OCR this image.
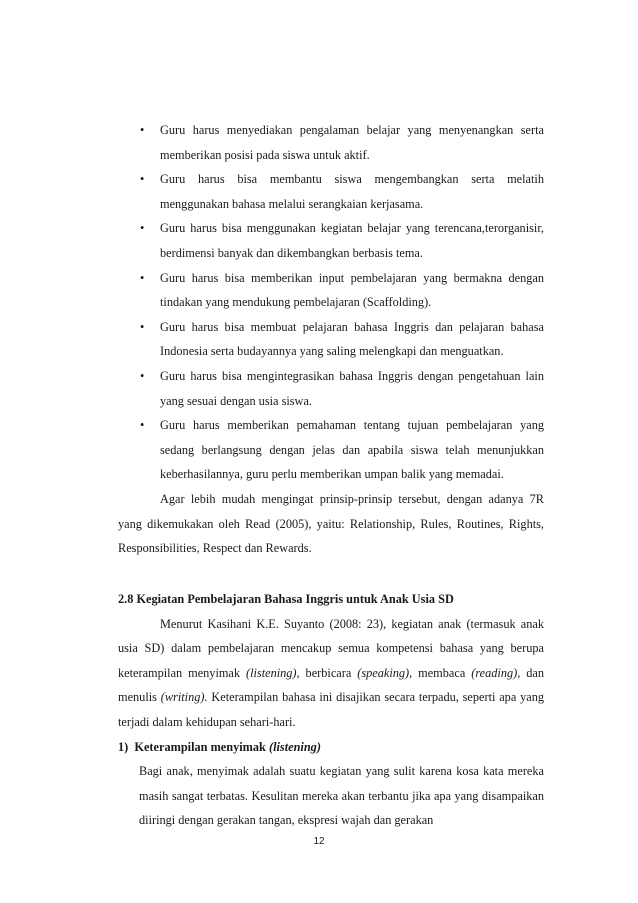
• Guru harus menyediakan pengalaman belajar yang menyenangkan serta memberikan posisi pada siswa untuk aktif.
• Guru harus bisa membantu siswa mengembangkan serta melatih menggunakan bahasa melalui serangkaian kerjasama.
• Guru harus bisa menggunakan kegiatan belajar yang terencana,terorganisir, berdimensi banyak dan dikembangkan berbasis tema.
• Guru harus bisa memberikan input pembelajaran yang bermakna dengan tindakan yang mendukung pembelajaran (Scaffolding).
• Guru harus bisa membuat pelajaran bahasa Inggris dan pelajaran bahasa Indonesia serta budayannya yang saling melengkapi dan menguatkan.
• Guru harus bisa mengintegrasikan bahasa Inggris dengan pengetahuan lain yang sesuai dengan usia siswa.
• Guru harus memberikan pemahaman tentang tujuan pembelajaran yang sedang berlangsung dengan jelas dan apabila siswa telah menunjukkan keberhasilannya, guru perlu memberikan umpan balik yang memadai.

Agar lebih mudah mengingat prinsip-prinsip tersebut, dengan adanya 7R yang dikemukakan oleh Read (2005), yaitu: Relationship, Rules, Routines, Rights, Responsibilities, Respect dan Rewards.

2.8 Kegiatan Pembelajaran Bahasa Inggris untuk Anak Usia SD

Menurut Kasihani K.E. Suyanto (2008: 23), kegiatan anak (termasuk anak usia SD) dalam pembelajaran mencakup semua kompetensi bahasa yang berupa keterampilan menyimak (listening), berbicara (speaking), membaca (reading), dan menulis (writing). Keterampilan bahasa ini disajikan secara terpadu, seperti apa yang terjadi dalam kehidupan sehari-hari.

1) Keterampilan menyimak (listening)

Bagi anak, menyimak adalah suatu kegiatan yang sulit karena kosa kata mereka masih sangat terbatas. Kesulitan mereka akan terbantu jika apa yang disampaikan diiringi dengan gerakan tangan, ekspresi wajah dan gerakan

12
